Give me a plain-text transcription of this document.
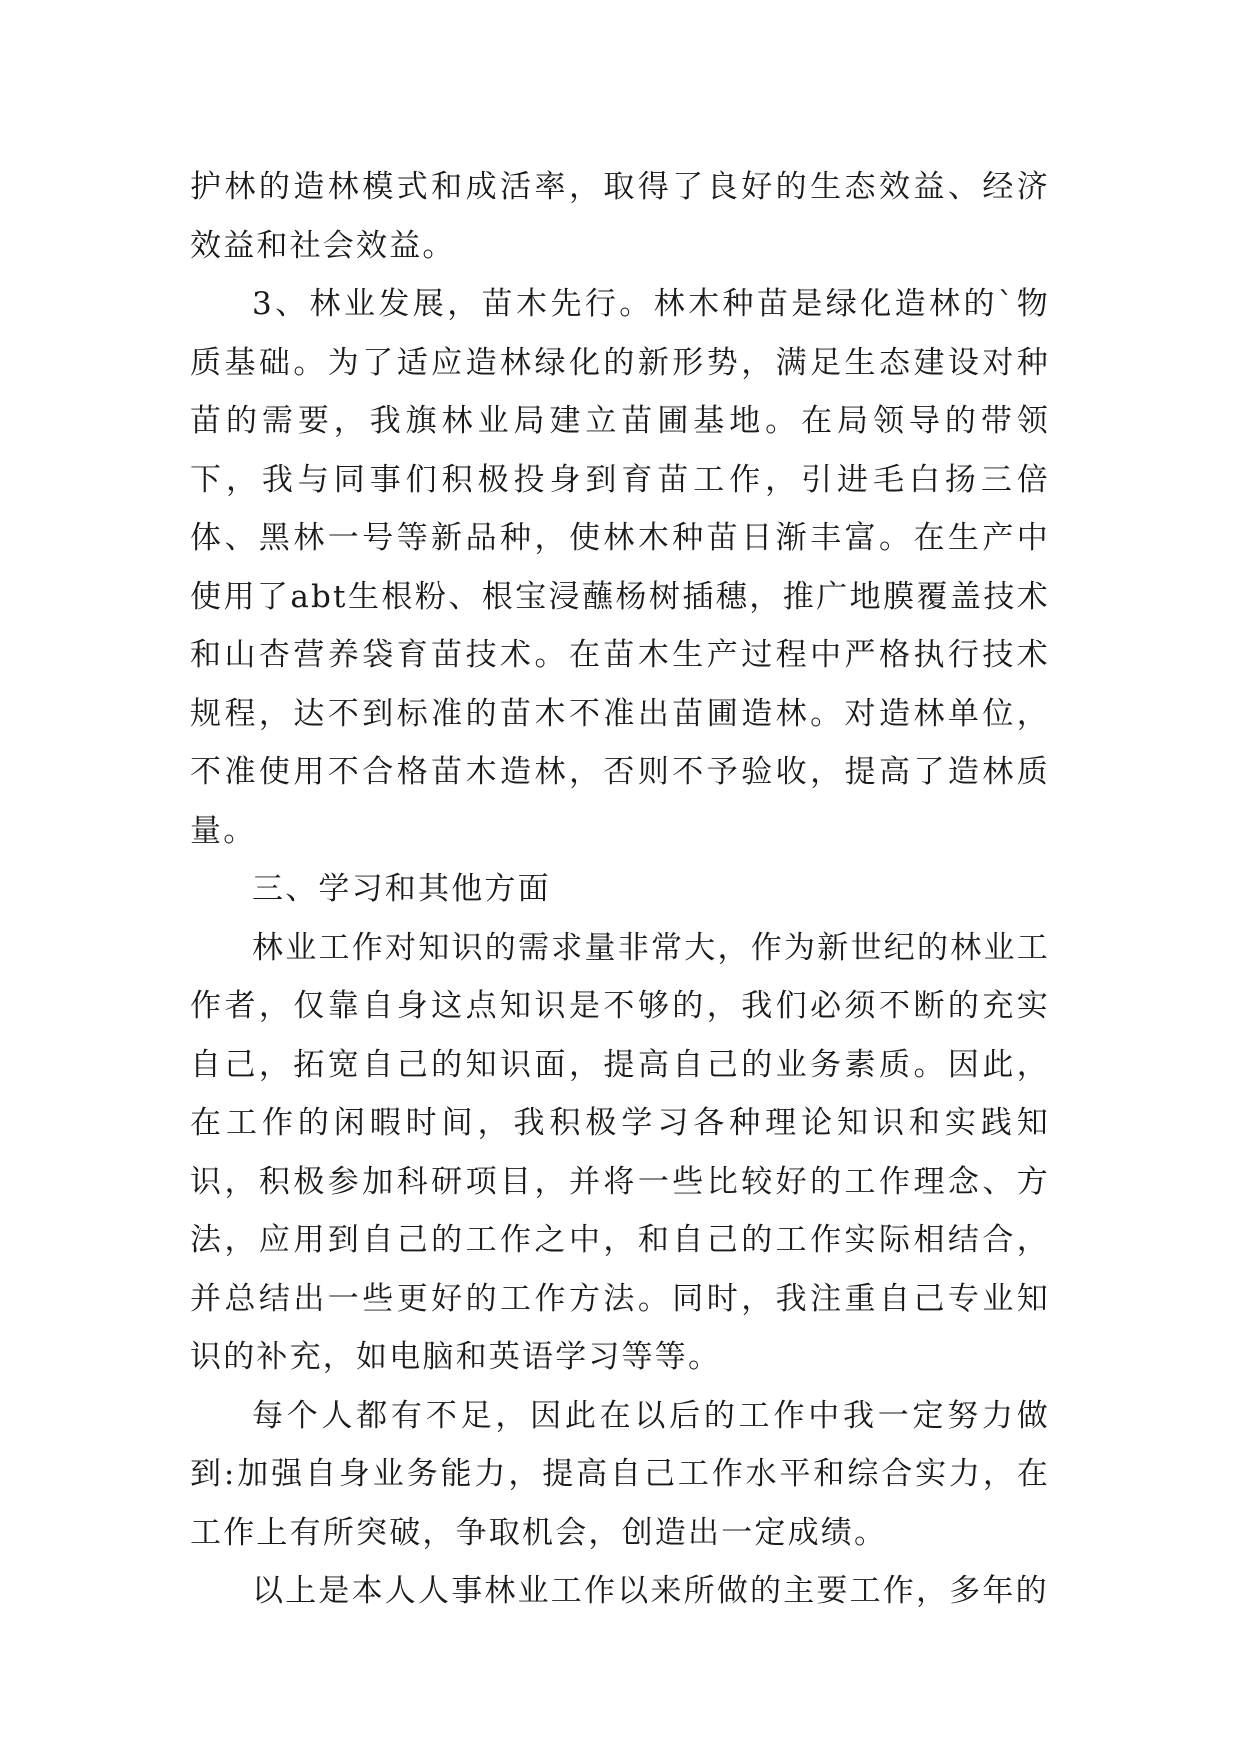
护林的造林模式和成活率，取得了良好的生态效益、经济效益和社会效益。

3、林业发展，苗木先行。林木种苗是绿化造林的`物质基础。为了适应造林绿化的新形势，满足生态建设对种苗的需要，我旗林业局建立苗圃基地。在局领导的带领下，我与同事们积极投身到育苗工作，引进毛白扬三倍体、黑林一号等新品种，使林木种苗日渐丰富。在生产中使用了abt生根粉、根宝浸蘸杨树插穗，推广地膜覆盖技术和山杏营养袋育苗技术。在苗木生产过程中严格执行技术规程，达不到标准的苗木不准出苗圃造林。对造林单位，不准使用不合格苗木造林，否则不予验收，提高了造林质量。

三、学习和其他方面

林业工作对知识的需求量非常大，作为新世纪的林业工作者，仅靠自身这点知识是不够的，我们必须不断的充实自己，拓宽自己的知识面，提高自己的业务素质。因此，在工作的闲暇时间，我积极学习各种理论知识和实践知识，积极参加科研项目，并将一些比较好的工作理念、方法，应用到自己的工作之中，和自己的工作实际相结合，并总结出一些更好的工作方法。同时，我注重自己专业知识的补充，如电脑和英语学习等等。

每个人都有不足，因此在以后的工作中我一定努力做到:加强自身业务能力，提高自己工作水平和综合实力，在工作上有所突破，争取机会，创造出一定成绩。

以上是本人人事林业工作以来所做的主要工作，多年的
